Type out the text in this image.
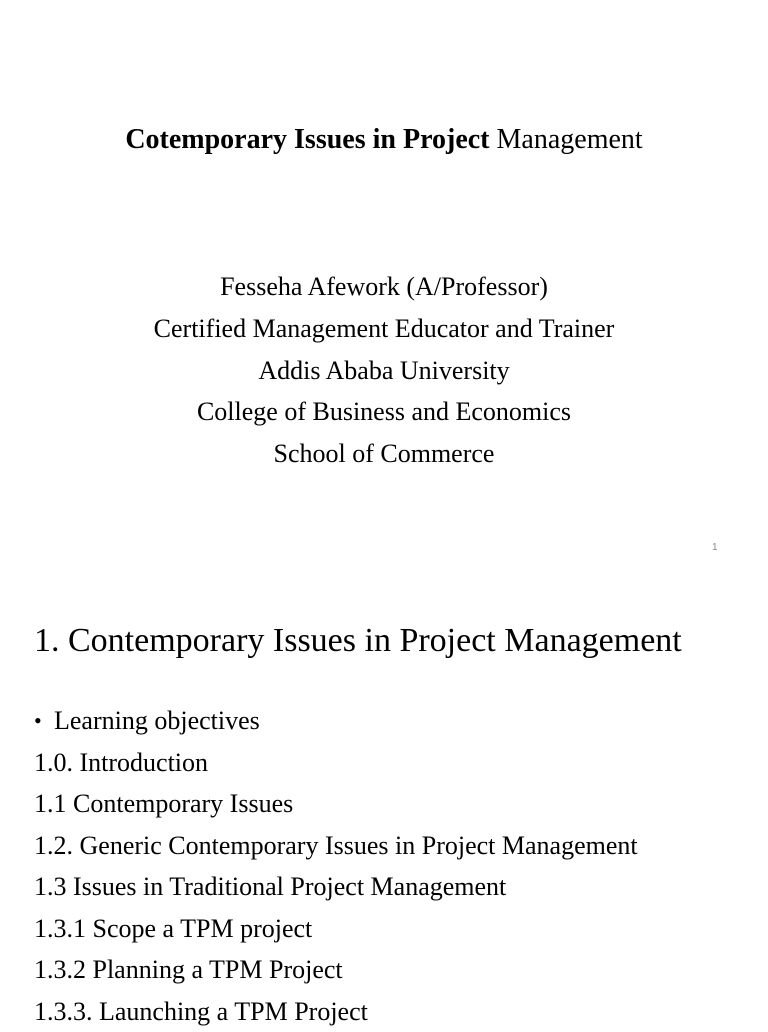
Cotemporary Issues in Project Management
Fesseha Afework (A/Professor)
Certified Management Educator and Trainer
Addis Ababa University
College of Business and Economics
School of Commerce
1
1. Contemporary Issues in Project Management
• Learning objectives
1.0. Introduction
1.1 Contemporary Issues
1.2. Generic Contemporary Issues in Project Management
1.3 Issues in Traditional Project Management
1.3.1 Scope a TPM project
1.3.2 Planning a TPM Project
1.3.3. Launching a TPM Project
